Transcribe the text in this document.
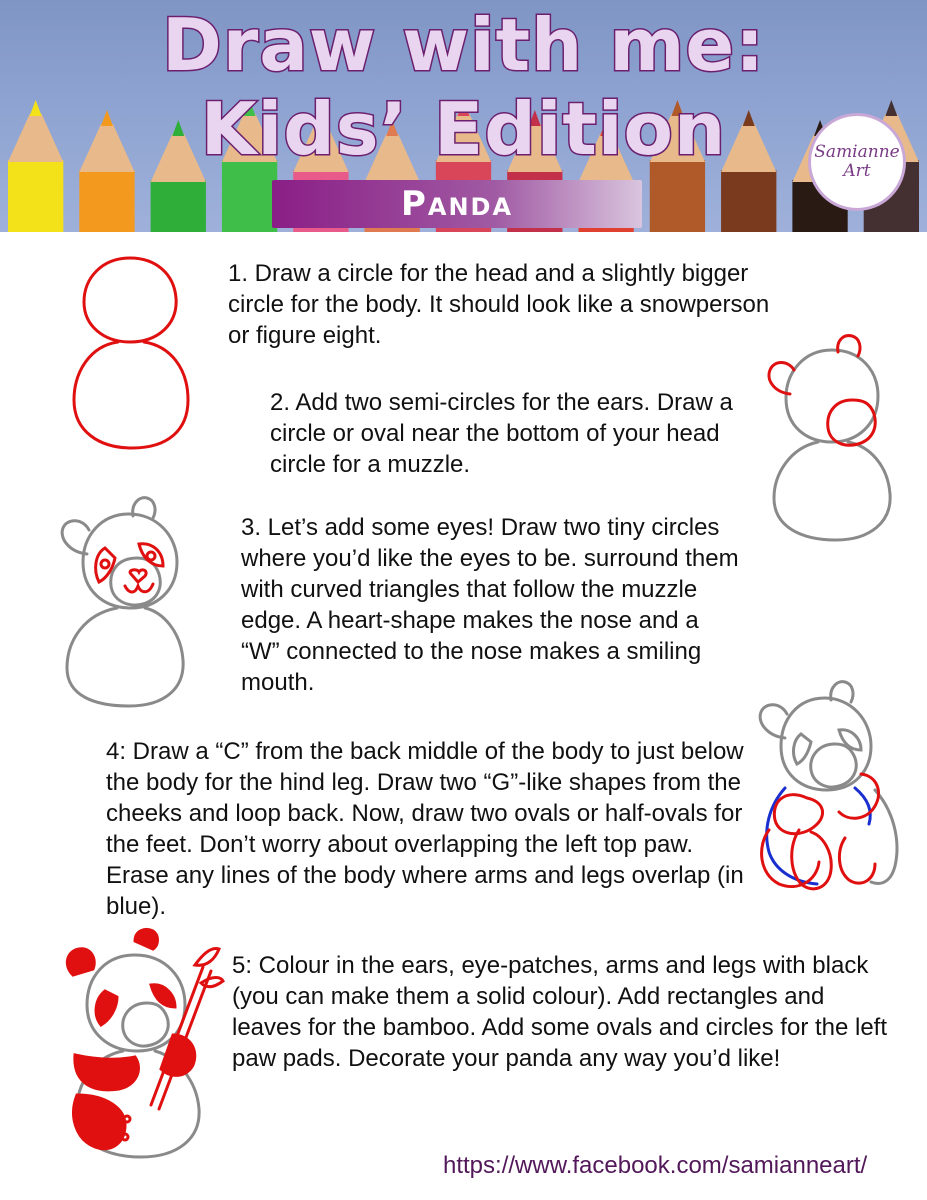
Draw with me:
Kids’ Edition
Panda
Samianne
Art

1. Draw a circle for the head and a slightly bigger circle for the body. It should look like a snowperson or figure eight.

2. Add two semi-circles for the ears. Draw a circle or oval near the bottom of your head circle for a muzzle.

3. Let’s add some eyes! Draw two tiny circles where you’d like the eyes to be. surround them with curved triangles that follow the muzzle edge. A heart-shape makes the nose and a “W” connected to the nose makes a smiling mouth.

4: Draw a “C” from the back middle of the body to just below the body for the hind leg. Draw two “G”-like shapes from the cheeks and loop back. Now, draw two ovals or half-ovals for the feet. Don’t worry about overlapping the left top paw. Erase any lines of the body where arms and legs overlap (in blue).

5: Colour in the ears, eye-patches, arms and legs with black (you can make them a solid colour). Add rectangles and leaves for the bamboo. Add some ovals and circles for the left paw pads. Decorate your panda any way you’d like!

https://www.facebook.com/samianneart/
